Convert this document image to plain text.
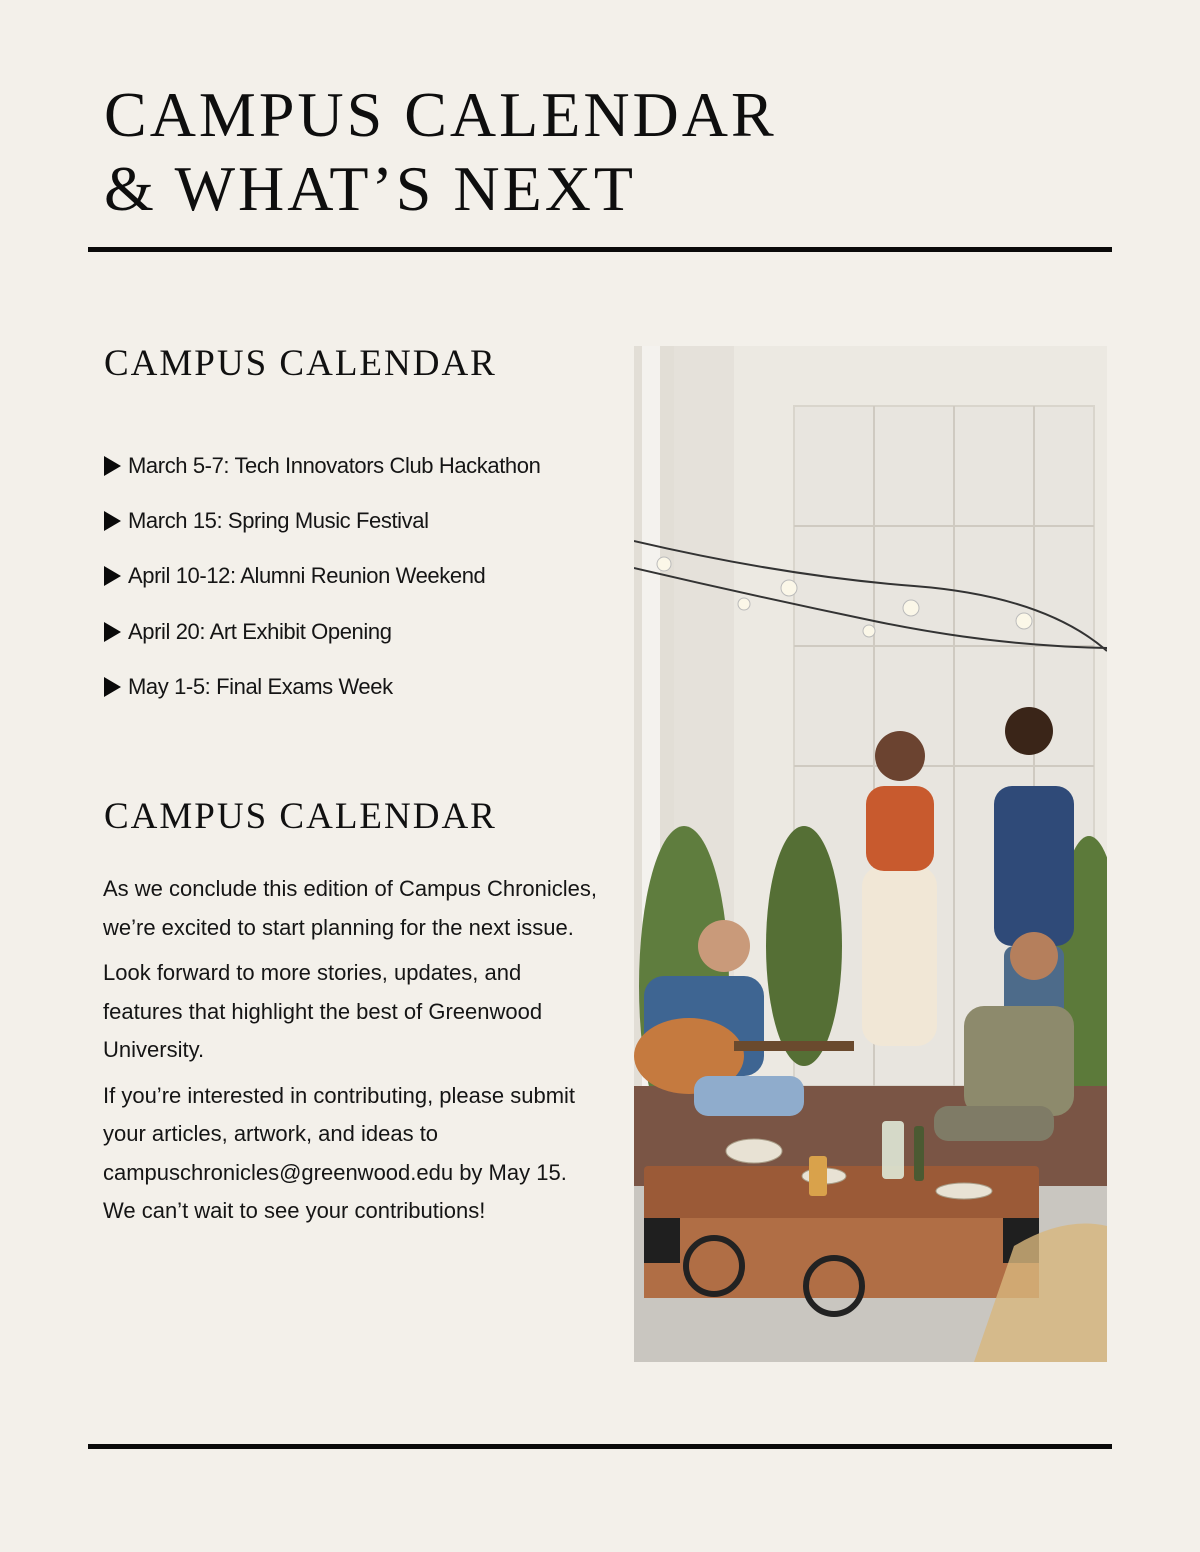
CAMPUS CALENDAR
& WHAT’S NEXT
CAMPUS CALENDAR
March 5-7: Tech Innovators Club Hackathon
March 15: Spring Music Festival
April 10-12: Alumni Reunion Weekend
April 20: Art Exhibit Opening
May 1-5: Final Exams Week
CAMPUS CALENDAR

As we conclude this edition of Campus Chronicles, we’re excited to start planning for the next issue.

Look forward to more stories, updates, and features that highlight the best of Greenwood University.

If you’re interested in contributing, please submit your articles, artwork, and ideas to campuschronicles@greenwood.edu by May 15. We can’t wait to see your contributions!
